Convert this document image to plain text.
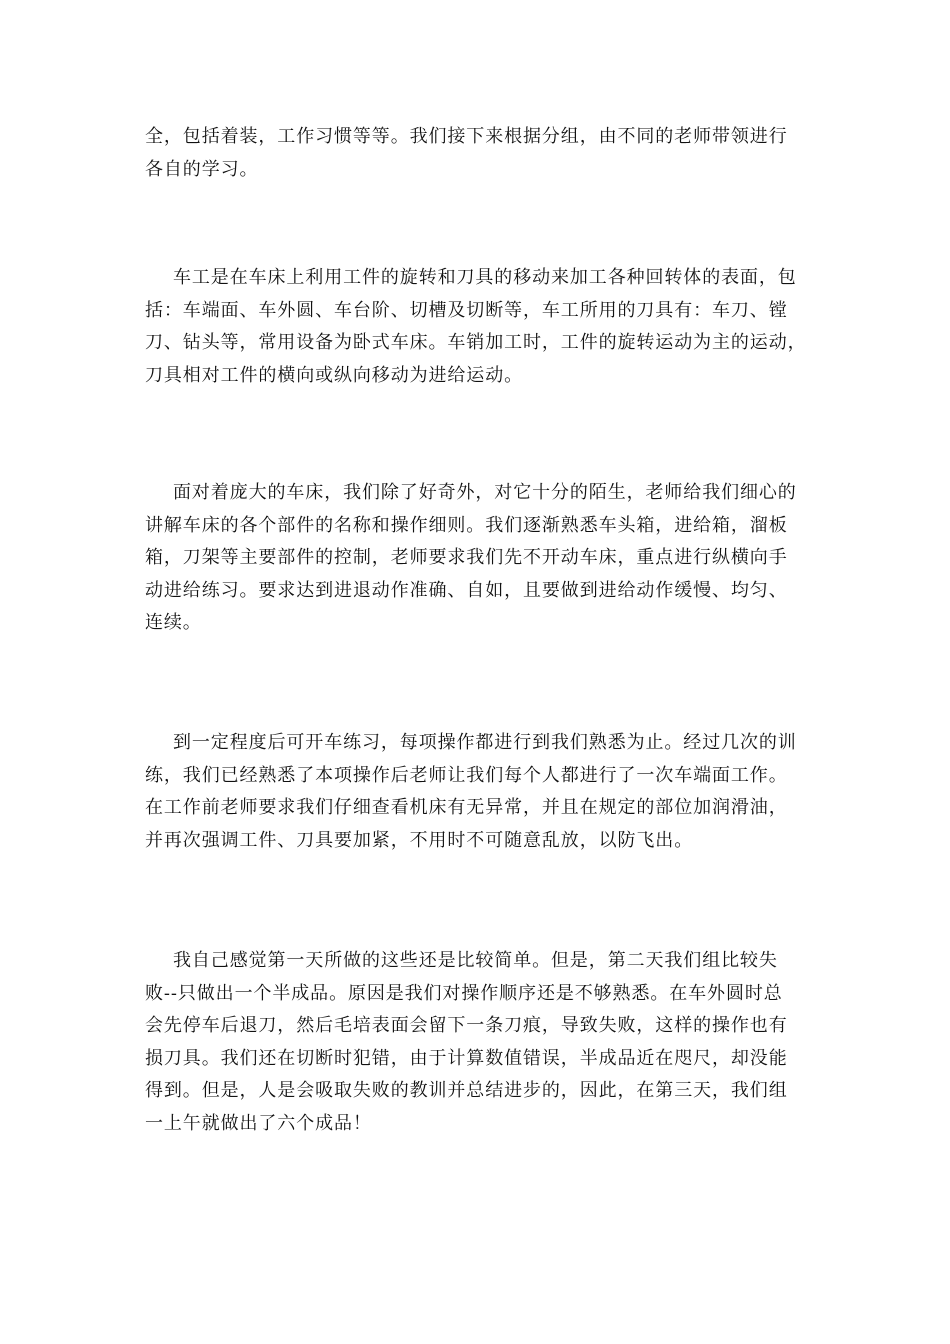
全，包括着装，工作习惯等等。我们接下来根据分组，由不同的老师带领进行
各自的学习。

车工是在车床上利用工件的旋转和刀具的移动来加工各种回转体的表面，包
括：车端面、车外圆、车台阶、切槽及切断等，车工所用的刀具有：车刀、镗
刀、钻头等，常用设备为卧式车床。车销加工时，工件的旋转运动为主的运动，
刀具相对工件的横向或纵向移动为进给运动。

面对着庞大的车床，我们除了好奇外，对它十分的陌生，老师给我们细心的
讲解车床的各个部件的名称和操作细则。我们逐渐熟悉车头箱，进给箱，溜板
箱，刀架等主要部件的控制，老师要求我们先不开动车床，重点进行纵横向手
动进给练习。要求达到进退动作准确、自如，且要做到进给动作缓慢、均匀、
连续。

到一定程度后可开车练习，每项操作都进行到我们熟悉为止。经过几次的训
练，我们已经熟悉了本项操作后老师让我们每个人都进行了一次车端面工作。
在工作前老师要求我们仔细查看机床有无异常，并且在规定的部位加润滑油，
并再次强调工件、刀具要加紧，不用时不可随意乱放，以防飞出。

我自己感觉第一天所做的这些还是比较简单。但是，第二天我们组比较失
败--只做出一个半成品。原因是我们对操作顺序还是不够熟悉。在车外圆时总
会先停车后退刀，然后毛培表面会留下一条刀痕，导致失败，这样的操作也有
损刀具。我们还在切断时犯错，由于计算数值错误，半成品近在咫尺，却没能
得到。但是，人是会吸取失败的教训并总结进步的，因此，在第三天，我们组
一上午就做出了六个成品！
